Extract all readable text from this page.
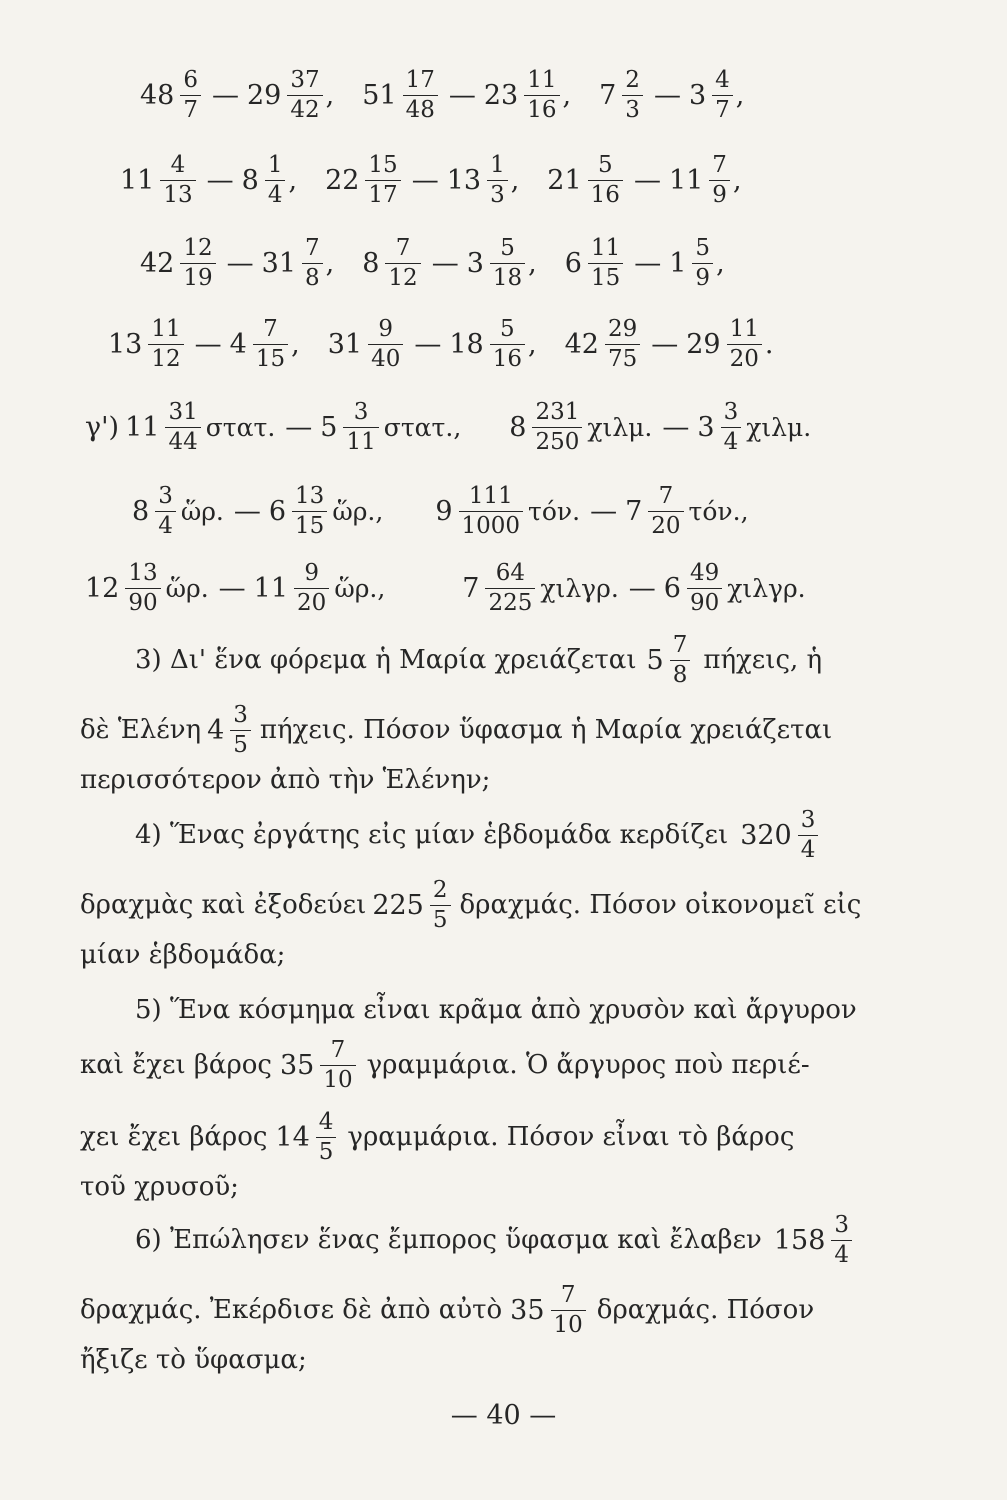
$48 \frac{6}{7}$ — $29 \frac{37}{42}$ , $51 \frac{17}{48}$ — $23 \frac{11}{16}$ , $7 \frac{2}{3}$ — $3 \frac{4}{7}$ ,
$11 \frac{4}{13}$ — $8 \frac{1}{4}$ , $22 \frac{15}{17}$ — $13 \frac{1}{3}$ , $21 \frac{5}{16}$ — $11 \frac{7}{9}$ ,
$42 \frac{12}{19}$ — $31 \frac{7}{8}$ , $8 \frac{7}{12}$ — $3 \frac{5}{18}$ , $6 \frac{11}{15}$ — $1 \frac{5}{9}$ ,
$13 \frac{11}{12}$ — $4 \frac{7}{15}$ , $31 \frac{9}{40}$ — $18 \frac{5}{16}$ , $42 \frac{29}{75}$ — $29 \frac{11}{20}$ .
γ') $11 \frac{31}{44} \sigma\tau\alpha\tau$. — $5 \frac{3}{11} \sigma\tau\alpha\tau$., $8 \frac{231}{250} \chi\iota\lambda\mu$. — $3 \frac{3}{4} \chi\iota\lambda\mu$.
$8 \frac{3}{4}$ ὥρ. — $6 \frac{13}{15}$ ὥρ., $9 \frac{111}{1000} \tau ό\nu$. — $7 \frac{7}{20} \tau ό\nu$.,
$12 \frac{13}{90}$ ὥρ. — $11 \frac{9}{20}$ ὥρ.,	$7 \frac{64}{225} \chi\iota\lambda\gamma\rho$. — $6 \frac{49}{90} \chi\iota\lambda\gamma\rho$.
3) Δι' ἕνα φόρεμα ἡ Μαρία χρειάζεται $5 \frac{7}{8} \pi ή\chi\varepsilon\iota\varsigma$, ἡ
δὲ Ἑλένη $4 \frac{3}{5} \pi ή\chi\varepsilon\iota\varsigma$. Πόσον ὕφασμα ἡ Μαρία χρειάζεται
περισσότερον ἀπὸ τὴν Ἑλένην;
4) Ἕνας ἐργάτης εἰς μίαν ἑβδομάδα κερδίζει $320 \frac{3}{4}$
δραχμὰς καὶ ἐξοδεύει $225 \frac{2}{5} \delta\rho\alpha\chi\mu ά\varsigma$. Πόσον οἰκονομεῖ εἰς
μίαν ἑβδομάδα;
5) Ἕνα κόσμημα εἶναι κρᾶμα ἀπὸ χρυσὸν καὶ ἄργυρον
καὶ ἔχει βάρος $35 \frac{7}{10} \gamma\rho\alpha\mu\mu ά\rho\iota\alpha$. Ὁ ἄργυρος ποὺ περιέ-
χει ἔχει βάρος $14 \frac{4}{5} \gamma\rho\alpha\mu\mu ά\rho\iota\alpha$. Πόσον εἶναι τὸ βάρος
τοῦ χρυσοῦ;
6) Ἐπώλησεν ἕνας ἔμπορος ὕφασμα καὶ ἔλαβεν $158 \frac{3}{4}$
δραχμάς. Ἐκέρδισε δὲ ἀπὸ αὐτὸ $35 \frac{7}{10} \delta\rho\alpha\chi\mu ά\varsigma$. Πόσον
ἤξιζε τὸ ὕφασμα;
— 40 —
